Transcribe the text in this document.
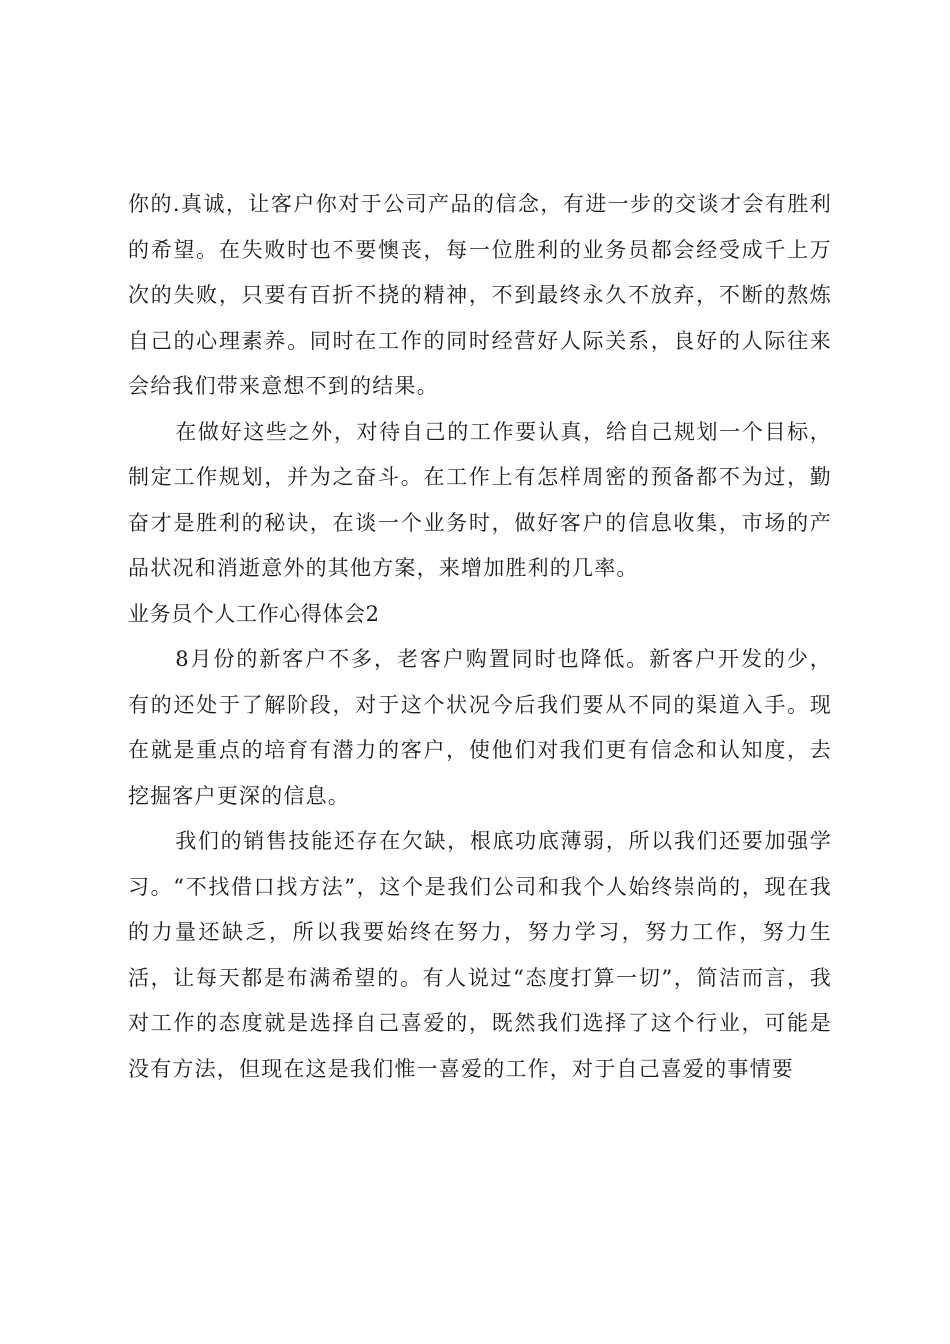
你的.真诚，让客户你对于公司产品的信念，有进一步的交谈才会有胜利的希望。在失败时也不要懊丧，每一位胜利的业务员都会经受成千上万次的失败，只要有百折不挠的精神，不到最终永久不放弃，不断的熬炼自己的心理素养。同时在工作的同时经营好人际关系，良好的人际往来会给我们带来意想不到的结果。

在做好这些之外，对待自己的工作要认真，给自己规划一个目标，制定工作规划，并为之奋斗。在工作上有怎样周密的预备都不为过，勤奋才是胜利的秘诀，在谈一个业务时，做好客户的信息收集，市场的产品状况和消逝意外的其他方案，来增加胜利的几率。

业务员个人工作心得体会2

8月份的新客户不多，老客户购置同时也降低。新客户开发的少，有的还处于了解阶段，对于这个状况今后我们要从不同的渠道入手。现在就是重点的培育有潜力的客户，使他们对我们更有信念和认知度，去挖掘客户更深的信息。

我们的销售技能还存在欠缺，根底功底薄弱，所以我们还要加强学习。“不找借口找方法”，这个是我们公司和我个人始终崇尚的，现在我的力量还缺乏，所以我要始终在努力，努力学习，努力工作，努力生活，让每天都是布满希望的。有人说过“态度打算一切”，简洁而言，我对工作的态度就是选择自己喜爱的，既然我们选择了这个行业，可能是没有方法，但现在这是我们惟一喜爱的工作，对于自己喜爱的事情要
